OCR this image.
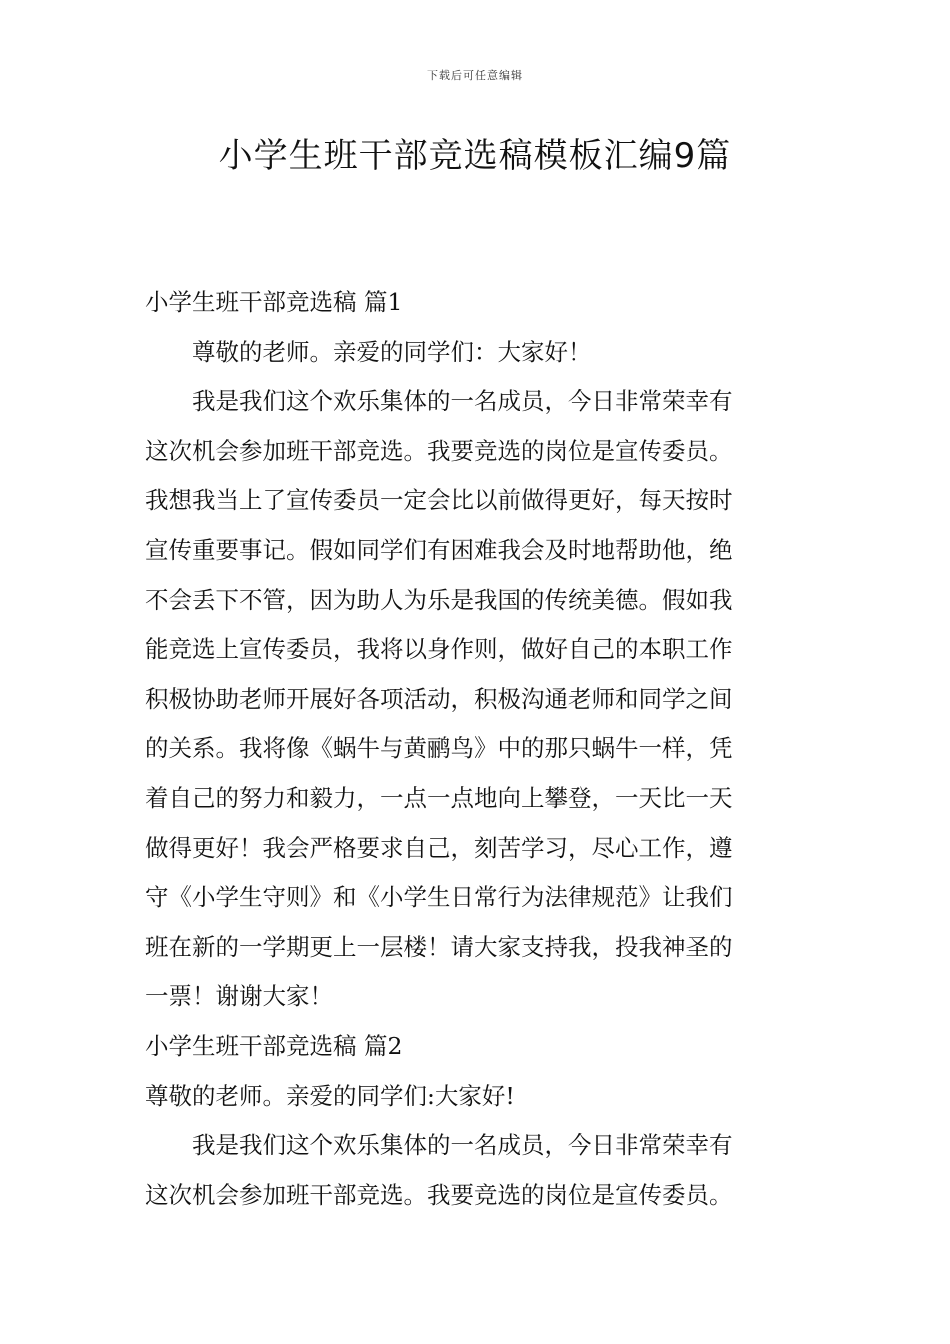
下载后可任意编辑
小学生班干部竞选稿模板汇编9篇
小学生班干部竞选稿 篇1

尊敬的老师。亲爱的同学们：大家好！

我是我们这个欢乐集体的一名成员，今日非常荣幸有
这次机会参加班干部竞选。我要竞选的岗位是宣传委员。
我想我当上了宣传委员一定会比以前做得更好，每天按时
宣传重要事记。假如同学们有困难我会及时地帮助他，绝
不会丢下不管，因为助人为乐是我国的传统美德。假如我
能竞选上宣传委员，我将以身作则，做好自己的本职工作
积极协助老师开展好各项活动，积极沟通老师和同学之间
的关系。我将像《蜗牛与黄鹂鸟》中的那只蜗牛一样，凭
着自己的努力和毅力，一点一点地向上攀登，一天比一天
做得更好！我会严格要求自己，刻苦学习，尽心工作，遵
守《小学生守则》和《小学生日常行为法律规范》让我们
班在新的一学期更上一层楼！请大家支持我，投我神圣的
一票！谢谢大家！

小学生班干部竞选稿 篇2

尊敬的老师。亲爱的同学们:大家好!

我是我们这个欢乐集体的一名成员，今日非常荣幸有
这次机会参加班干部竞选。我要竞选的岗位是宣传委员。
